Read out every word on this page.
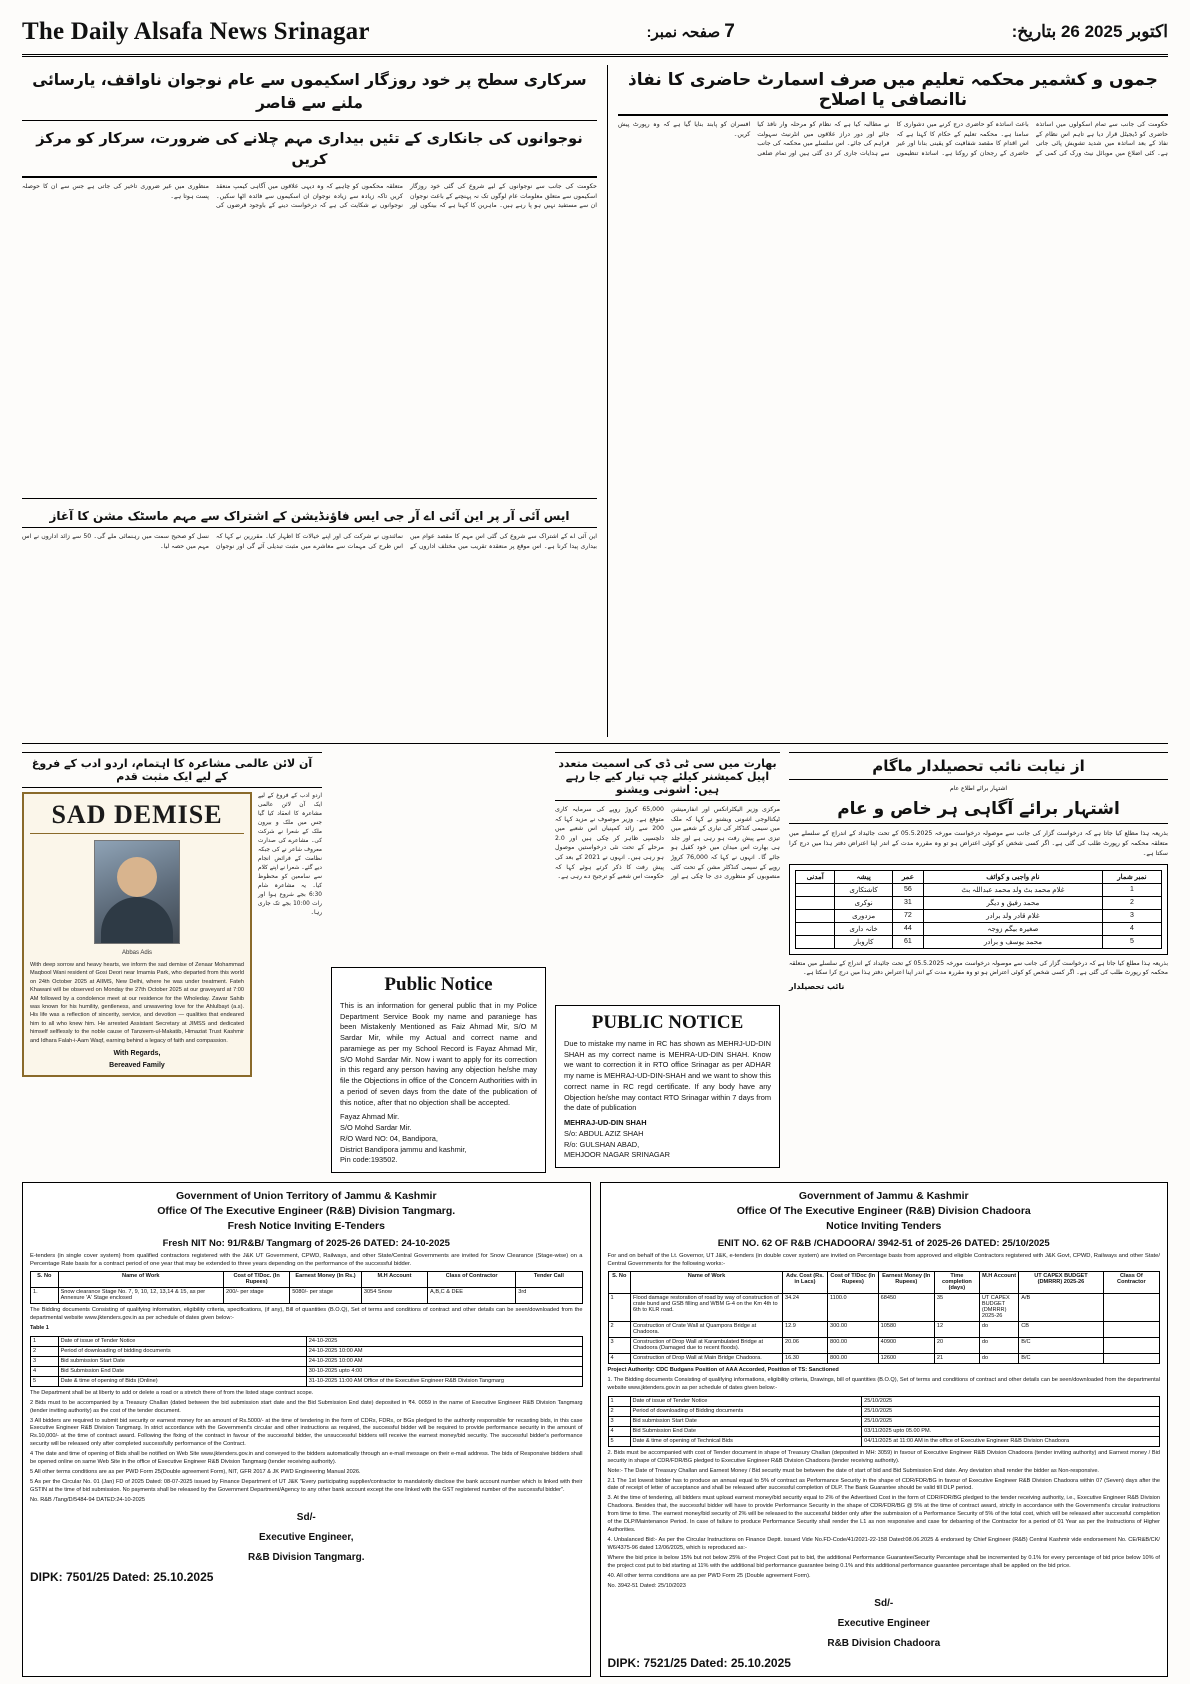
The Daily Alsafa News Srinagar	7 صفحہ نمبر:	اکتوبر 2025 26 بتاریخ:
سرکاری سطح پر خود روزگار اسکیموں سے عام نوجوان ناواقف، یارسائی ملنے سے قاصر
نوجوانوں کی جانکاری کے تئیں بیداری مہم چلانے کی ضرورت، سرکار کو مرکز کریں
حکومت کی جانب سے نوجوانوں کے لیے شروع کی گئی خود روزگار اسکیموں سے متعلق معلومات عام لوگوں تک نہ پہنچنے کے باعث نوجوان ان سے مستفید نہیں ہو پا رہے ہیں۔ ماہرین کا کہنا ہے کہ بینکوں اور متعلقہ محکموں کو چاہیے کہ وہ دیہی علاقوں میں آگاہی کیمپ منعقد کریں تاکہ زیادہ سے زیادہ نوجوان ان اسکیموں سے فائدہ اٹھا سکیں۔ نوجوانوں نے شکایت کی ہے کہ درخواست دینے کے باوجود قرضوں کی منظوری میں غیر ضروری تاخیر کی جاتی ہے جس سے ان کا حوصلہ پست ہوتا ہے۔
ایس آئی آر پر این آئی اے آر جی ایس فاؤنڈیشن کے اشتراک سے مہم ماسٹک مشن کا آغاز
این آئی اے کے اشتراک سے شروع کی گئی اس مہم کا مقصد عوام میں بیداری پیدا کرنا ہے۔ اس موقع پر منعقدہ تقریب میں مختلف اداروں کے نمائندوں نے شرکت کی اور اپنے خیالات کا اظہار کیا۔ مقررین نے کہا کہ اس طرح کی مہمات سے معاشرے میں مثبت تبدیلی آئے گی اور نوجوان نسل کو صحیح سمت میں رہنمائی ملے گی۔ 50 سے زائد اداروں نے اس مہم میں حصہ لیا۔
جموں و کشمیر محکمہ تعلیم میں صرف اسمارٹ حاضری کا نفاذ ناانصافی یا اصلاح
حکومت کی جانب سے تمام اسکولوں میں اساتذہ حاضری کو ڈیجیٹل قرار دیا ہے تاہم اس نظام کے نفاذ کے بعد اساتذہ میں شدید تشویش پائی جاتی ہے۔ کئی اضلاع میں موبائل نیٹ ورک کی کمی کے باعث اساتذہ کو حاضری درج کرنے میں دشواری کا سامنا ہے۔ محکمہ تعلیم کے حکام کا کہنا ہے کہ اس اقدام کا مقصد شفافیت کو یقینی بنانا اور غیر حاضری کے رجحان کو روکنا ہے۔ اساتذہ تنظیموں نے مطالبہ کیا ہے کہ نظام کو مرحلہ وار نافذ کیا جائے اور دور دراز علاقوں میں انٹرنیٹ سہولت فراہم کی جائے۔ اس سلسلے میں محکمہ کی جانب سے ہدایات جاری کر دی گئی ہیں اور تمام ضلعی افسران کو پابند بنایا گیا ہے کہ وہ رپورٹ پیش کریں۔
آن لائن عالمی مشاعرہ کا اہتمام، اردو ادب کے فروغ کے لیے ایک مثبت قدم
SAD DEMISE
Abbas Adis
With deep sorrow and heavy hearts, we inform the sad demise of Zenaar Mohammad Maqbool Wani resident of Gosi Deori near Imamia Park, who departed from this world on 24th October 2025 at AIIMS, New Delhi, where he was under treatment. Fateh Khawani will be observed on Monday the 27th October 2025 at our graveyard at 7:00 AM followed by a condolence meet at our residence for the Wholeday. Zawar Sahib was known for his humility, gentleness, and unwavering love for the Ahlulbayt (a.s). His life was a reflection of sincerity, service, and devotion — qualities that endeared him to all who knew him. He arrested Assistant Secretary at JIMSS and dedicated himself selflessly to the noble cause of Tanzeem-ul-Makatib, Himaziat Trust Kashmir and Idhara Falah-i-Aam Waqf, earning behind a legacy of faith and compassion.
With Regards,
Bereaved Family
اردو ادب کے فروغ کے لیے ایک آن لائن عالمی مشاعرہ کا انعقاد کیا گیا جس میں ملک و بیرون ملک کے شعرا نے شرکت کی۔ مشاعرے کی صدارت معروف شاعر نے کی جبکہ نظامت کے فرائض انجام دیے گئے۔ شعرا نے اپنے کلام سے سامعین کو محظوظ کیا۔ یہ مشاعرہ شام 6:30 بجے شروع ہوا اور رات 10:00 بجے تک جاری رہا۔
Public Notice

This is an information for general public that in my Police Department Service Book my name and paraniege has been Mistakenly Mentioned as Faiz Ahmad Mir, S/O M Sardar Mir, while my Actual and correct name and paramiege as per my School Record is Fayaz Ahmad Mir, S/O Mohd Sardar Mir. Now i want to apply for its correction in this regard any person having any objection he/she may file the Objections in office of the Concern Authorities with in a period of seven days from the date of the publication of this notice, after that no objection shall be accepted.

Fayaz Ahmad Mir.
S/O Mohd Sardar Mir.
R/O Ward NO: 04, Bandipora,
District Bandipora jammu and kashmir,
Pin code:193502.
بھارت میں سی ٹی ڈی کی اسمیت متعدد اپیل کمیشنر کیلئے چپ تیار کیے جا رہے ہیں: اشونی ویشنو
مرکزی وزیر الیکٹرانکس اور انفارمیشن ٹیکنالوجی اشونی ویشنو نے کہا کہ ملک میں سیمی کنڈکٹر کی تیاری کے شعبے میں تیزی سے پیش رفت ہو رہی ہے اور جلد ہی بھارت اس میدان میں خود کفیل ہو جائے گا۔ انہوں نے کہا کہ 76,000 کروڑ روپے کے سیمی کنڈکٹر مشن کے تحت کئی منصوبوں کو منظوری دی جا چکی ہے اور 65,000 کروڑ روپے کی سرمایہ کاری متوقع ہے۔ وزیر موصوف نے مزید کہا کہ 200 سے زائد کمپنیاں اس شعبے میں دلچسپی ظاہر کر چکی ہیں اور 2.0 مرحلے کے تحت نئی درخواستیں موصول ہو رہی ہیں۔ انہوں نے 2021 کے بعد کی پیش رفت کا ذکر کرتے ہوئے کہا کہ حکومت اس شعبے کو ترجیح دے رہی ہے۔
PUBLIC NOTICE

Due to mistake my name in RC has shown as MEHRJ-UD-DIN SHAH as my correct name is MEHRA-UD-DIN SHAH. Know we want to correction it in RTO office Srinagar as per ADHAR my name is MEHRAJ-UD-DIN-SHAH and we want to show this correct name in RC regd certificate. If any body have any Objection he/she may contact RTO Srinagar within 7 days from the date of publication

MEHRAJ-UD-DIN SHAH
S/o: ABDUL AZIZ SHAH
R/o: GULSHAN ABAD,
MEHJOOR NAGAR SRINAGAR
از نیابت نائب تحصیلدار ماگام
اشتہار برائے اطلاع عام
اشتہار برائے آگاہی ہر خاص و عام
بذریعہ ہذا مطلع کیا جاتا ہے کہ درخواست گزار کی جانب سے موصولہ درخواست مورخہ 05.5.2025 کے تحت جائیداد کے اندراج کے سلسلے میں متعلقہ محکمہ کو رپورٹ طلب کی گئی ہے۔ اگر کسی شخص کو کوئی اعتراض ہو تو وہ مقررہ مدت کے اندر اپنا اعتراض دفتر ہذا میں درج کرا سکتا ہے۔
نمبر شمار	نام واجبی و کوائف	عمر	پیشہ	آمدنی
1	غلام محمد بٹ ولد محمد عبداللہ بٹ	56	کاشتکاری	
2	محمد رفیق و دیگر	31	نوکری	
3	غلام قادر ولد برادر	72	مزدوری	
4	صغیرہ بیگم زوجہ	44	خانہ داری	
5	محمد یوسف و برادر	61	کاروبار	
بذریعہ ہذا مطلع کیا جاتا ہے کہ درخواست گزار کی جانب سے موصولہ درخواست مورخہ 05.5.2025 کے تحت جائیداد کے اندراج کے سلسلے میں متعلقہ محکمہ کو رپورٹ طلب کی گئی ہے۔ اگر کسی شخص کو کوئی اعتراض ہو تو وہ مقررہ مدت کے اندر اپنا اعتراض دفتر ہذا میں درج کرا سکتا ہے۔
نائب تحصیلدار
Government of Union Territory of Jammu & Kashmir
Office Of The Executive Engineer (R&B) Division Tangmarg.
Fresh Notice Inviting E-Tenders
Fresh NIT No: 91/R&B/ Tangmarg of 2025-26 DATED: 24-10-2025
E-tenders (in single cover system) from qualified contractors registered with the J&K UT Government, CPWD, Railways, and other State/Central Governments are invited for Snow Clearance (Stage-wise) on a Percentage Rate basis for a contract period of one year that may be extended to three years depending on the performance of the successful bidder.
S. No	Name of Work	Cost of T/Doc. (In Rupees)	Earnest Money (In Rs.)	M.H Account	Class of Contractor	Tender Call
1.	Snow clearance Stage No. 7, 9, 10, 12, 13,14 & 15, as per Annexure 'A' Stage enclosed	200/- per stage	5080/- per stage	3054 Snow	A,B,C & DEE	3rd
The Bidding documents Consisting of qualifying information, eligibility criteria, specifications, (if any), Bill of quantities (B.O.Q), Set of terms and conditions of contract and other details can be seen/downloaded from the departmental website www.jktenders.gov.in as per schedule of dates given below:-
Table 1
1	Date of issue of Tender Notice	24-10-2025
2	Period of downloading of bidding documents	24-10-2025 10:00 AM
3	Bid submission Start Date	24-10-2025 10:00 AM
4	Bid Submission End Date	30-10-2025 upto 4:00
5	Date & time of opening of Bids (Online)	31-10-2025 11:00 AM Office of the Executive Engineer R&B Division Tangmarg
The Department shall be at liberty to add or delete a road or a stretch there of from the listed stage contract scope.
2 Bids must to be accompanied by a Treasury Challan (dated between the bid submission start date and the Bid Submission End date) deposited in ₹4. 0059 in the name of Executive Engineer R&B Division Tangmarg (tender inviting authority) as the cost of the tender document.
3 All bidders are required to submit bid security or earnest money for an amount of Rs.5000/- at the time of tendering in the form of CDRs, FDRs, or BGs pledged to the authority responsible for recasting bids, in this case Executive Engineer R&B Division Tangmarg. In strict accordance with the Government's circular and other instructions as required, the successful bidder will be required to provide performance security in the amount of Rs.10,000/- at the time of contract award. Following the fixing of the contract in favour of the successful bidder, the unsuccessful bidders will receive the earnest money/bid security. The successful bidder's performance security will be released only after completed successfully performance of the Contract.
4 The date and time of opening of Bids shall be notified on Web Site www.jktenders.gov.in and conveyed to the bidders automatically through an e-mail message on their e-mail address. The bids of Responsive bidders shall be opened online on same Web Site in the office of Executive Engineer R&B Division Tangmarg (tender receiving authority).
5 All other terms conditions are as per PWD Form 25(Double agreement Form), NIT, GFR 2017 & JK PWD Engineering Manual 2026.
5 As per the Circular No. 01 (Jan) FD of 2025 Dated: 08-07-2025 issued by Finance Department of UT J&K "Every participating supplier/contractor to mandatorily disclose the bank account number which is linked with their GSTIN at the time of bid submission. No payments shall be released by the Government Department/Agency to any other bank account except the one linked with the GST registered number of the successful bidder".
No. R&B /Tang/D/5484-94 DATED:24-10-2025
Sd/-
Executive Engineer,
R&B Division Tangmarg.
DIPK: 7501/25 Dated: 25.10.2025
Government of Jammu & Kashmir
Office Of The Executive Engineer (R&B) Division Chadoora
Notice Inviting Tenders
ENIT NO. 62 OF R&B /CHADOORA/ 3942-51 of 2025-26 DATED: 25/10/2025
For and on behalf of the Lt. Governor, UT J&K, e-tenders (in double cover system) are invited on Percentage basis from approved and eligible Contractors registered with J&K Govt, CPWD, Railways and other State/ Central Governments for the following works:-
S. No	Name of Work	Adv. Cost (Rs. in Lacs)	Cost of T/Doc (In Rupees)	Earnest Money (In Rupees)	Time completion (days)	M.H Account	UT CAPEX BUDGET (DMRRR) 2025-26	Class Of Contractor
1	Flood damage restoration of road by way of construction of crate bund and GSB filling and WBM G-4 on the Km 4th to 6th to KLR road.	34.24	1100.0	68450	35	UT CAPEX BUDGET (DMRRR) 2025-26	A/B	
2	Construction of Crate Wall at Quampora Bridge at Chadoora.	12.9	300.00	10580	12	do	CB	
3	Construction of Drop Wall at Karambulated Bridge at Chadoora (Damaged due to recent floods).	20.06	800.00	40900	20	do	B/C	
4	Construction of Drop Wall at Main Bridge Chadoora.	16.30	800.00	12600	21	do	B/C	
Project Authority: CDC Budgans Position of AAA Accorded, Position of TS: Sanctioned
1. The Bidding documents Consisting of qualifying informations, eligibility criteria, Drawings, bill of quantities (B.O.Q), Set of terms and conditions of contract and other details can be seen/downloaded from the departmental website www.jktenders.gov.in as per schedule of dates given below:-
1	Date of issue of Tender Notice	25/10/2025
2	Period of downloading of Bidding documents	25/10/2025
3	Bid submission Start Date	25/10/2025
4	Bid Submission End Date	03/11/2025 upto 05.00 PM.
5	Date & time of opening of Technical Bids	04/11/2025 at 11:00 AM in the office of Executive Engineer R&B Division Chadoora
2. Bids must be accompanied with cost of Tender document in shape of Treasury Challan (deposited in MH: 3059) in favour of Executive Engineer R&B Division Chadoora (tender inviting authority) and Earnest money / Bid security in shape of CDR/FDR/BG pledged to Executive Engineer R&B Division Chadoora (tender receiving authority).
Note:- The Date of Treasury Challan and Earnest Money / Bid security must be between the date of start of bid and Bid Submission End date. Any deviation shall render the bidder as Non-responsive.
2.1 The 1st lowest bidder has to produce an annual equal to 5% of contract as Performance Security in the shape of CDR/FDR/BG in favour of Executive Engineer R&B Division Chadoora within 07 (Seven) days after the date of receipt of letter of acceptance and shall be released after successful completion of DLP. The Bank Guarantee should be valid till DLP period.
3. At the time of tendering, all bidders must upload earnest money/bid security equal to 2% of the Advertised Cost in the form of CDR/FDR/BG pledged to the tender receiving authority, i.e., Executive Engineer R&B Division Chadoora. Besides that, the successful bidder will have to provide Performance Security in the shape of CDR/FDR/BG @ 5% at the time of contract award, strictly in accordance with the Government's circular instructions from time to time. The earnest money/bid security of 2% will be released to the successful bidder only after the submission of a Performance Security of 5% of the total cost, which will be released after successful completion of the DLP/Maintenance Period. In case of failure to produce Performance Security shall render the L1 as non responsive and case for debarring of the Contractor for a period of 01 Year as per the Instructions of Higher Authorities.
4. Unbalanced Bid:- As per the Circular Instructions on Finance Deptt. issued Vide No.FD-Code/41/2021-22-158 Dated:08.06.2025 & endorsed by Chief Engineer (R&B) Central Kashmir vide endorsement No. CE/R&B/CK/ W6/4375-96 dated 12/06/2025, which is reproduced as:-
Where the bid price is below 15% but not below 25% of the Project Cost put to bid, the additional Performance Guarantee/Security Percentage shall be incremented by 0.1% for every percentage of bid price below 10% of the project cost put to bid starting at 11% with the additional bid performance guarantee being 0.1% and this additional performance guarantee percentage shall be applied on the bid price.
40. All other terms conditions are as per PWD Form 25 (Double agreement Form).
No. 3942-51 Dated: 25/10/2023
Sd/-
Executive Engineer
R&B Division Chadoora
DIPK: 7521/25 Dated: 25.10.2025
